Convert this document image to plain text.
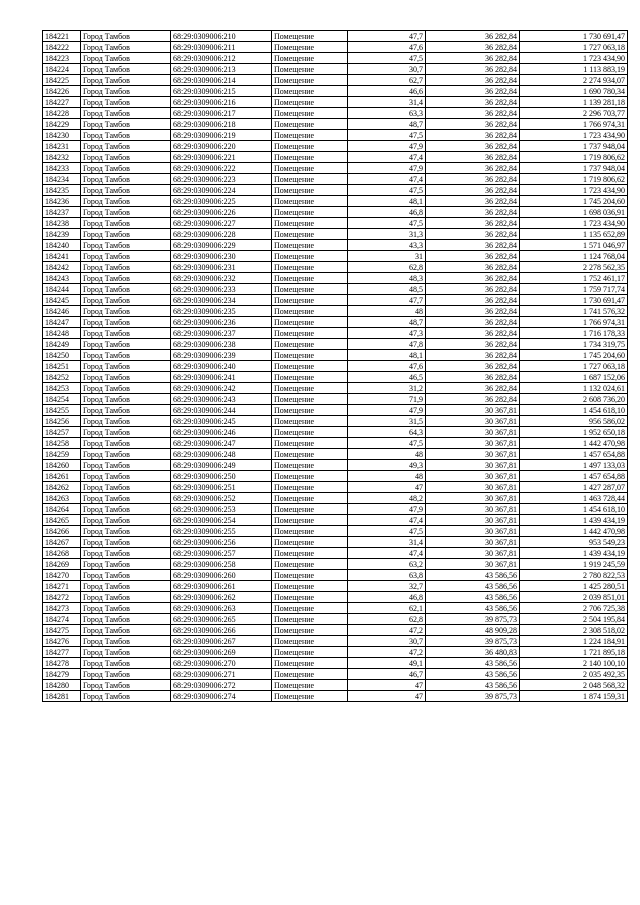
184221	Город Тамбов	68:29:0309006:210	Помещение	47,7	36 282,84	1 730 691,47
184222	Город Тамбов	68:29:0309006:211	Помещение	47,6	36 282,84	1 727 063,18
184223	Город Тамбов	68:29:0309006:212	Помещение	47,5	36 282,84	1 723 434,90
184224	Город Тамбов	68:29:0309006:213	Помещение	30,7	36 282,84	1 113 883,19
184225	Город Тамбов	68:29:0309006:214	Помещение	62,7	36 282,84	2 274 934,07
184226	Город Тамбов	68:29:0309006:215	Помещение	46,6	36 282,84	1 690 780,34
184227	Город Тамбов	68:29:0309006:216	Помещение	31,4	36 282,84	1 139 281,18
184228	Город Тамбов	68:29:0309006:217	Помещение	63,3	36 282,84	2 296 703,77
184229	Город Тамбов	68:29:0309006:218	Помещение	48,7	36 282,84	1 766 974,31
184230	Город Тамбов	68:29:0309006:219	Помещение	47,5	36 282,84	1 723 434,90
184231	Город Тамбов	68:29:0309006:220	Помещение	47,9	36 282,84	1 737 948,04
184232	Город Тамбов	68:29:0309006:221	Помещение	47,4	36 282,84	1 719 806,62
184233	Город Тамбов	68:29:0309006:222	Помещение	47,9	36 282,84	1 737 948,04
184234	Город Тамбов	68:29:0309006:223	Помещение	47,4	36 282,84	1 719 806,62
184235	Город Тамбов	68:29:0309006:224	Помещение	47,5	36 282,84	1 723 434,90
184236	Город Тамбов	68:29:0309006:225	Помещение	48,1	36 282,84	1 745 204,60
184237	Город Тамбов	68:29:0309006:226	Помещение	46,8	36 282,84	1 698 036,91
184238	Город Тамбов	68:29:0309006:227	Помещение	47,5	36 282,84	1 723 434,90
184239	Город Тамбов	68:29:0309006:228	Помещение	31,3	36 282,84	1 135 652,89
184240	Город Тамбов	68:29:0309006:229	Помещение	43,3	36 282,84	1 571 046,97
184241	Город Тамбов	68:29:0309006:230	Помещение	31	36 282,84	1 124 768,04
184242	Город Тамбов	68:29:0309006:231	Помещение	62,8	36 282,84	2 278 562,35
184243	Город Тамбов	68:29:0309006:232	Помещение	48,3	36 282,84	1 752 461,17
184244	Город Тамбов	68:29:0309006:233	Помещение	48,5	36 282,84	1 759 717,74
184245	Город Тамбов	68:29:0309006:234	Помещение	47,7	36 282,84	1 730 691,47
184246	Город Тамбов	68:29:0309006:235	Помещение	48	36 282,84	1 741 576,32
184247	Город Тамбов	68:29:0309006:236	Помещение	48,7	36 282,84	1 766 974,31
184248	Город Тамбов	68:29:0309006:237	Помещение	47,3	36 282,84	1 716 178,33
184249	Город Тамбов	68:29:0309006:238	Помещение	47,8	36 282,84	1 734 319,75
184250	Город Тамбов	68:29:0309006:239	Помещение	48,1	36 282,84	1 745 204,60
184251	Город Тамбов	68:29:0309006:240	Помещение	47,6	36 282,84	1 727 063,18
184252	Город Тамбов	68:29:0309006:241	Помещение	46,5	36 282,84	1 687 152,06
184253	Город Тамбов	68:29:0309006:242	Помещение	31,2	36 282,84	1 132 024,61
184254	Город Тамбов	68:29:0309006:243	Помещение	71,9	36 282,84	2 608 736,20
184255	Город Тамбов	68:29:0309006:244	Помещение	47,9	30 367,81	1 454 618,10
184256	Город Тамбов	68:29:0309006:245	Помещение	31,5	30 367,81	956 586,02
184257	Город Тамбов	68:29:0309006:246	Помещение	64,3	30 367,81	1 952 650,18
184258	Город Тамбов	68:29:0309006:247	Помещение	47,5	30 367,81	1 442 470,98
184259	Город Тамбов	68:29:0309006:248	Помещение	48	30 367,81	1 457 654,88
184260	Город Тамбов	68:29:0309006:249	Помещение	49,3	30 367,81	1 497 133,03
184261	Город Тамбов	68:29:0309006:250	Помещение	48	30 367,81	1 457 654,88
184262	Город Тамбов	68:29:0309006:251	Помещение	47	30 367,81	1 427 287,07
184263	Город Тамбов	68:29:0309006:252	Помещение	48,2	30 367,81	1 463 728,44
184264	Город Тамбов	68:29:0309006:253	Помещение	47,9	30 367,81	1 454 618,10
184265	Город Тамбов	68:29:0309006:254	Помещение	47,4	30 367,81	1 439 434,19
184266	Город Тамбов	68:29:0309006:255	Помещение	47,5	30 367,81	1 442 470,98
184267	Город Тамбов	68:29:0309006:256	Помещение	31,4	30 367,81	953 549,23
184268	Город Тамбов	68:29:0309006:257	Помещение	47,4	30 367,81	1 439 434,19
184269	Город Тамбов	68:29:0309006:258	Помещение	63,2	30 367,81	1 919 245,59
184270	Город Тамбов	68:29:0309006:260	Помещение	63,8	43 586,56	2 780 822,53
184271	Город Тамбов	68:29:0309006:261	Помещение	32,7	43 586,56	1 425 280,51
184272	Город Тамбов	68:29:0309006:262	Помещение	46,8	43 586,56	2 039 851,01
184273	Город Тамбов	68:29:0309006:263	Помещение	62,1	43 586,56	2 706 725,38
184274	Город Тамбов	68:29:0309006:265	Помещение	62,8	39 875,73	2 504 195,84
184275	Город Тамбов	68:29:0309006:266	Помещение	47,2	48 909,28	2 308 518,02
184276	Город Тамбов	68:29:0309006:267	Помещение	30,7	39 875,73	1 224 184,91
184277	Город Тамбов	68:29:0309006:269	Помещение	47,2	36 480,83	1 721 895,18
184278	Город Тамбов	68:29:0309006:270	Помещение	49,1	43 586,56	2 140 100,10
184279	Город Тамбов	68:29:0309006:271	Помещение	46,7	43 586,56	2 035 492,35
184280	Город Тамбов	68:29:0309006:272	Помещение	47	43 586,56	2 048 568,32
184281	Город Тамбов	68:29:0309006:274	Помещение	47	39 875,73	1 874 159,31
